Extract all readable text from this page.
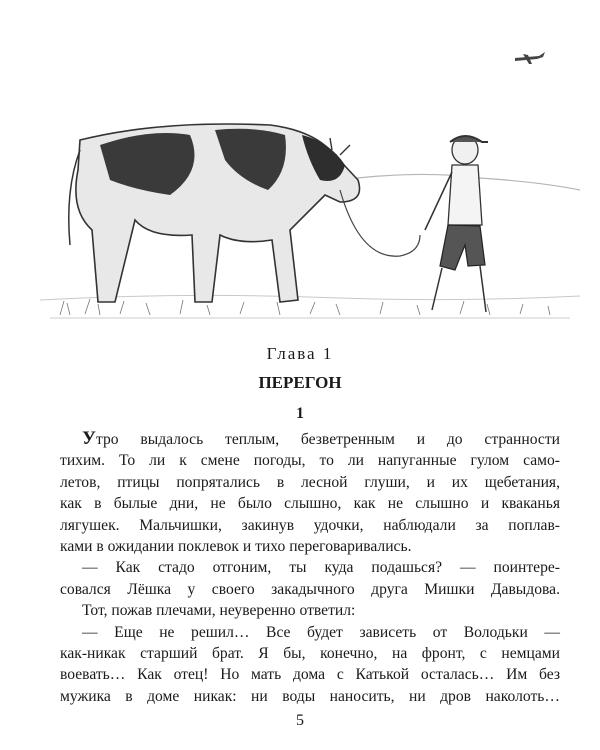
Глава 1
ПЕРЕГОН
1
Утро выдалось теплым, безветренным и до странности
тихим. То ли к смене погоды, то ли напуганные гулом само-
летов, птицы попрятались в лесной глуши, и их щебетания,
как в былые дни, не было слышно, как не слышно и кваканья
лягушек. Мальчишки, закинув удочки, наблюдали за поплав-
ками в ожидании поклевок и тихо переговаривались.
— Как стадо отгоним, ты куда подашься? — поинтере-
совался Лёшка у своего закадычного друга Мишки Давыдова.
Тот, пожав плечами, неуверенно ответил:
— Еще не решил… Все будет зависеть от Володьки —
как-никак старший брат. Я бы, конечно, на фронт, с немцами
воевать… Как отец! Но мать дома с Катькой осталась… Им без
мужика в доме никак: ни воды наносить, ни дров наколоть…
5
